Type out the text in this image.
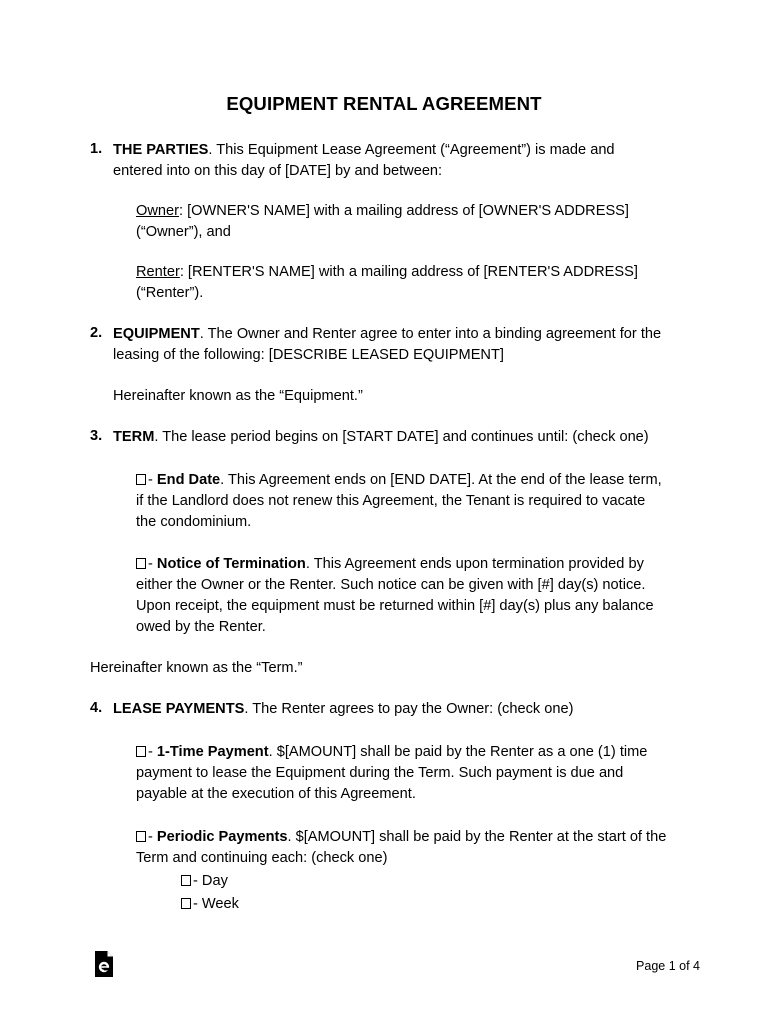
EQUIPMENT RENTAL AGREEMENT
1. THE PARTIES. This Equipment Lease Agreement (“Agreement”) is made and entered into on this day of [DATE] by and between:

Owner: [OWNER'S NAME] with a mailing address of [OWNER'S ADDRESS] (“Owner”), and

Renter: [RENTER'S NAME] with a mailing address of [RENTER'S ADDRESS] (“Renter”).

2. EQUIPMENT. The Owner and Renter agree to enter into a binding agreement for the leasing of the following: [DESCRIBE LEASED EQUIPMENT]

Hereinafter known as the “Equipment.”

3. TERM. The lease period begins on [START DATE] and continues until: (check one)

- End Date. This Agreement ends on [END DATE]. At the end of the lease term, if the Landlord does not renew this Agreement, the Tenant is required to vacate the condominium.

- Notice of Termination. This Agreement ends upon termination provided by either the Owner or the Renter. Such notice can be given with [#] day(s) notice. Upon receipt, the equipment must be returned within [#] day(s) plus any balance owed by the Renter.

Hereinafter known as the “Term.”

4. LEASE PAYMENTS. The Renter agrees to pay the Owner: (check one)

- 1-Time Payment. $[AMOUNT] shall be paid by the Renter as a one (1) time payment to lease the Equipment during the Term. Such payment is due and payable at the execution of this Agreement.

- Periodic Payments. $[AMOUNT] shall be paid by the Renter at the start of the Term and continuing each: (check one)

- Day

- Week

Page 1 of 4
